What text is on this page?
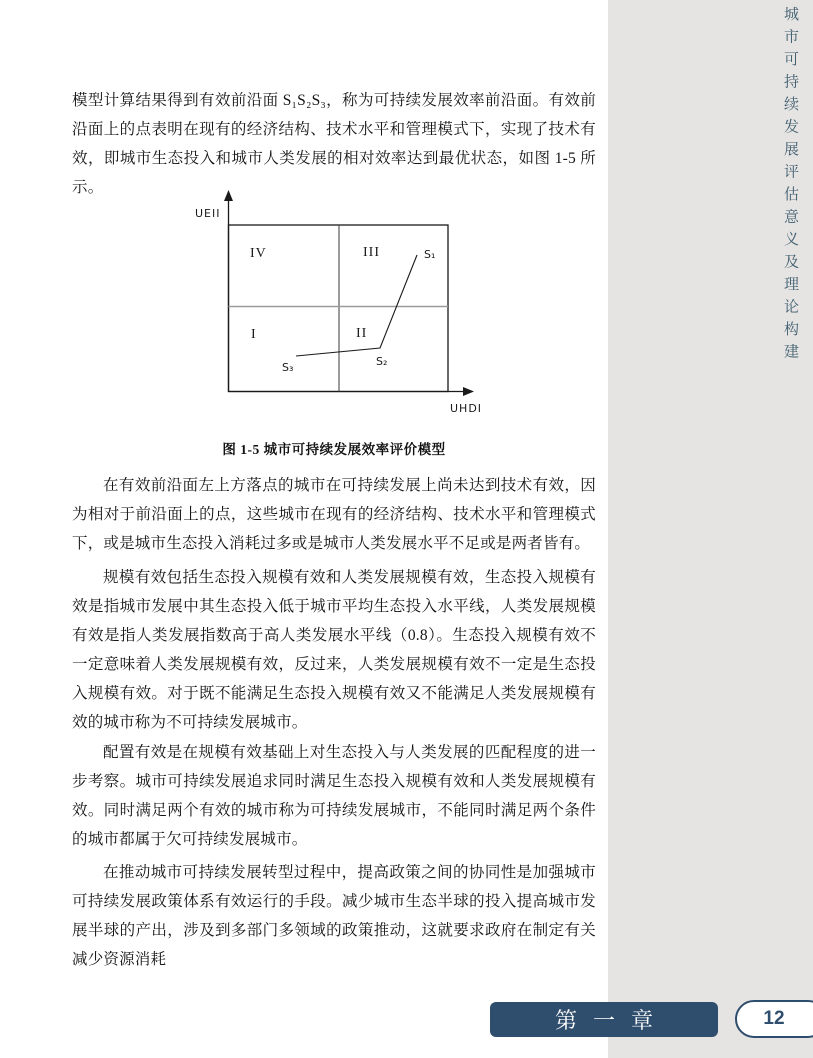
城市可持续发展评估意义及理论构建

模型计算结果得到有效前沿面 S₁S₂S₃，称为可持续发展效率前沿面。有效前沿面上的点表明在现有的经济结构、技术水平和管理模式下，实现了技术有效，即城市生态投入和城市人类发展的相对效率达到最优状态，如图 1-5 所示。

在有效前沿面左上方落点的城市在可持续发展上尚未达到技术有效，因为相对于前沿面上的点，这些城市在现有的经济结构、技术水平和管理模式下，或是城市生态投入消耗过多或是城市人类发展水平不足或是两者皆有。

规模有效包括生态投入规模有效和人类发展规模有效，生态投入规模有效是指城市发展中其生态投入低于城市平均生态投入水平线，人类发展规模有效是指人类发展指数高于高人类发展水平线（0.8）。生态投入规模有效不一定意味着人类发展规模有效，反过来，人类发展规模有效不一定是生态投入规模有效。对于既不能满足生态投入规模有效又不能满足人类发展规模有效的城市称为不可持续发展城市。

配置有效是在规模有效基础上对生态投入与人类发展的匹配程度的进一步考察。城市可持续发展追求同时满足生态投入规模有效和人类发展规模有效。同时满足两个有效的城市称为可持续发展城市，不能同时满足两个条件的城市都属于欠可持续发展城市。

在推动城市可持续发展转型过程中，提高政策之间的协同性是加强城市可持续发展政策体系有效运行的手段。减少城市生态半球的投入提高城市发展半球的产出，涉及到多部门多领域的政策推动，这就要求政府在制定有关减少资源消耗

UEII
UHDI
IV	III
I	II
S₁
S₂
S₃
图 1-5 城市可持续发展效率评价模型
第一章	12
